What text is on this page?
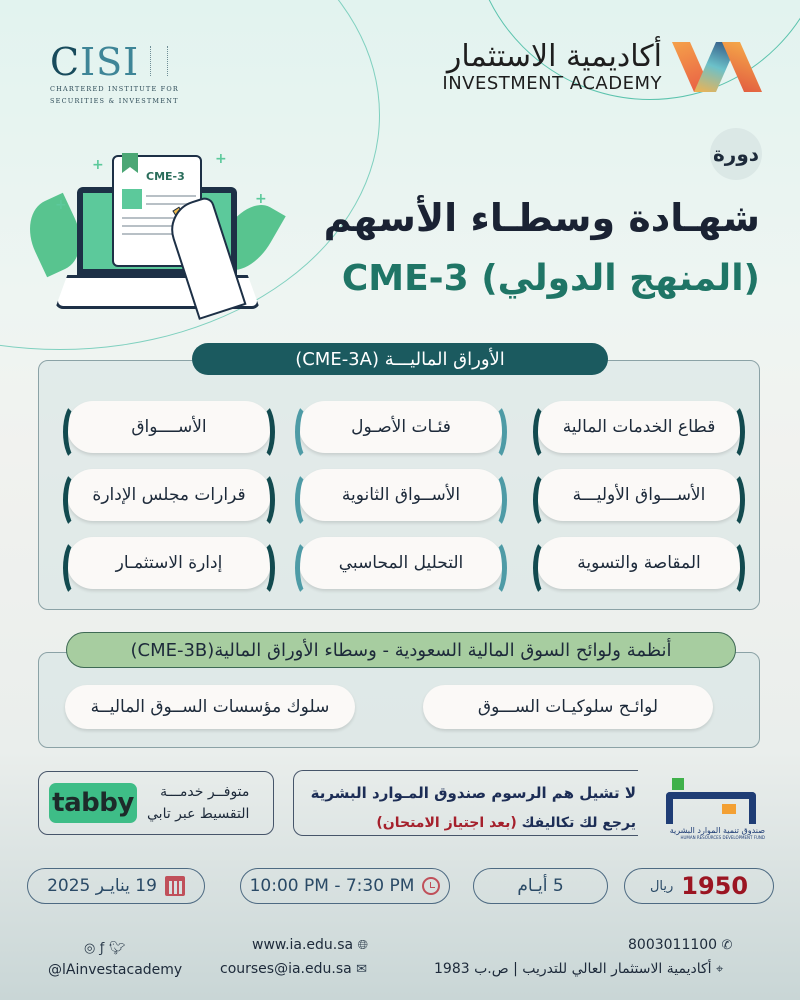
CISI
CHARTERED INSTITUTE FOR
SECURITIES & INVESTMENT
أكاديمية الاستثمار
INVESTMENT ACADEMY
+
+
+
+
CME-3
دورة
شهـادة وسطـاء الأسهم
(المنهج الدولي) CME-3
قطاع الخدمات المالية
فئـات الأصـول
الأســــواق
الأســـواق الأوليـــة
الأســواق الثانوية
قرارات مجلس الإدارة
المقاصة والتسوية
التحليل المحاسبي
إدارة الاستثمـار
الأوراق الماليـــة (CME-3A)
لوائـح سلوكيـات الســـوق
سلوك مؤسسات الســوق الماليــة
أنظمة ولوائح السوق المالية السعودية - وسطاء الأوراق المالية(CME-3B)
tabby	متوفــر خدمـــة
التقسيط عبر تابي
لا تشيل هم الرسوم صندوق المـوارد البشرية
يرجع لك تكاليفك (بعد اجتياز الامتحان)	صندوق تنمية الموارد البشرية
HUMAN RESOURCES DEVELOPMENT FUND
19 ينايـر 2025	10:00 PM - 7:30 PM	5 أيـام	ريال 1950
◎ ƒ 🐦︎
@lAinvestacademy
www.ia.edu.sa 🌐︎
courses@ia.edu.sa ✉
8003011100 ✆
⌖ أكاديمية الاستثمار العالي للتدريب | ص.ب 1983
